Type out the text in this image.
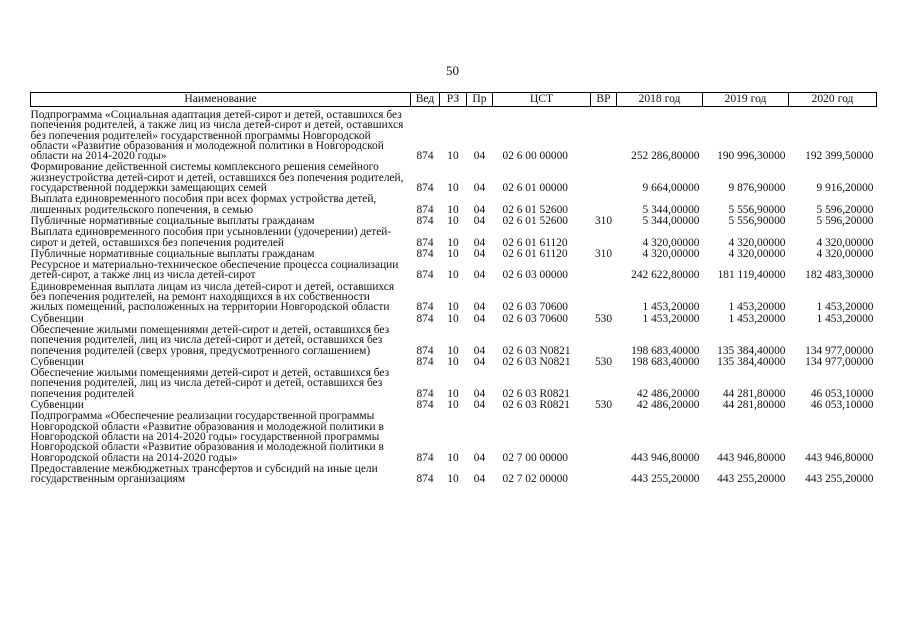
50
Наименование	Вед	РЗ	Пр	ЦСТ	ВР	2018 год	2019 год	2020 год
Подпрограмма «Социальная адаптация детей-сирот и детей, оставшихся без попечения родителей, а также лиц из числа детей-сирот и детей, оставшихся без попечения родителей» государственной программы Новгородской области «Развитие образования и молодежной политики в Новгородской области на 2014-2020 годы»	874	10	04	02 6 00 00000		252 286,80000	190 996,30000	192 399,50000
Формирование действенной системы комплексного решения семейного жизнеустройства детей-сирот и детей, оставшихся без попечения родителей, государственной поддержки замещающих семей	874	10	04	02 6 01 00000		9 664,00000	9 876,90000	9 916,20000
Выплата единовременного пособия при всех формах устройства детей, лишенных родительского попечения, в семью	874	10	04	02 6 01 52600		5 344,00000	5 556,90000	5 596,20000
Публичные нормативные социальные выплаты гражданам	874	10	04	02 6 01 52600	310	5 344,00000	5 556,90000	5 596,20000
Выплата единовременного пособия при усыновлении (удочерении) детей-сирот и детей, оставшихся без попечения родителей	874	10	04	02 6 01 61120		4 320,00000	4 320,00000	4 320,00000
Публичные нормативные социальные выплаты гражданам	874	10	04	02 6 01 61120	310	4 320,00000	4 320,00000	4 320,00000
Ресурсное и материально-техническое обеспечение процесса социализации детей-сирот, а также лиц из числа детей-сирот	874	10	04	02 6 03 00000		242 622,80000	181 119,40000	182 483,30000
Единовременная выплата лицам из числа детей-сирот и детей, оставшихся без попечения родителей, на ремонт находящихся в их собственности жилых помещений, расположенных на территории Новгородской области	874	10	04	02 6 03 70600		1 453,20000	1 453,20000	1 453,20000
Субвенции	874	10	04	02 6 03 70600	530	1 453,20000	1 453,20000	1 453,20000
Обеспечение жилыми помещениями детей-сирот и детей, оставшихся без попечения родителей, лиц из числа детей-сирот и детей, оставшихся без попечения родителей (сверх уровня, предусмотренного соглашением)	874	10	04	02 6 03 N0821		198 683,40000	135 384,40000	134 977,00000
Субвенции	874	10	04	02 6 03 N0821	530	198 683,40000	135 384,40000	134 977,00000
Обеспечение жилыми помещениями детей-сирот и детей, оставшихся без попечения родителей, лиц из числа детей-сирот и детей, оставшихся без попечения родителей	874	10	04	02 6 03 R0821		42 486,20000	44 281,80000	46 053,10000
Субвенции	874	10	04	02 6 03 R0821	530	42 486,20000	44 281,80000	46 053,10000
Подпрограмма «Обеспечение реализации государственной программы Новгородской области «Развитие образования и молодежной политики в Новгородской области на 2014-2020 годы» государственной программы Новгородской области «Развитие образования и молодежной политики в Новгородской области на 2014-2020 годы»	874	10	04	02 7 00 00000		443 946,80000	443 946,80000	443 946,80000
Предоставление межбюджетных трансфертов и субсидий на иные цели государственным организациям	874	10	04	02 7 02 00000		443 255,20000	443 255,20000	443 255,20000
